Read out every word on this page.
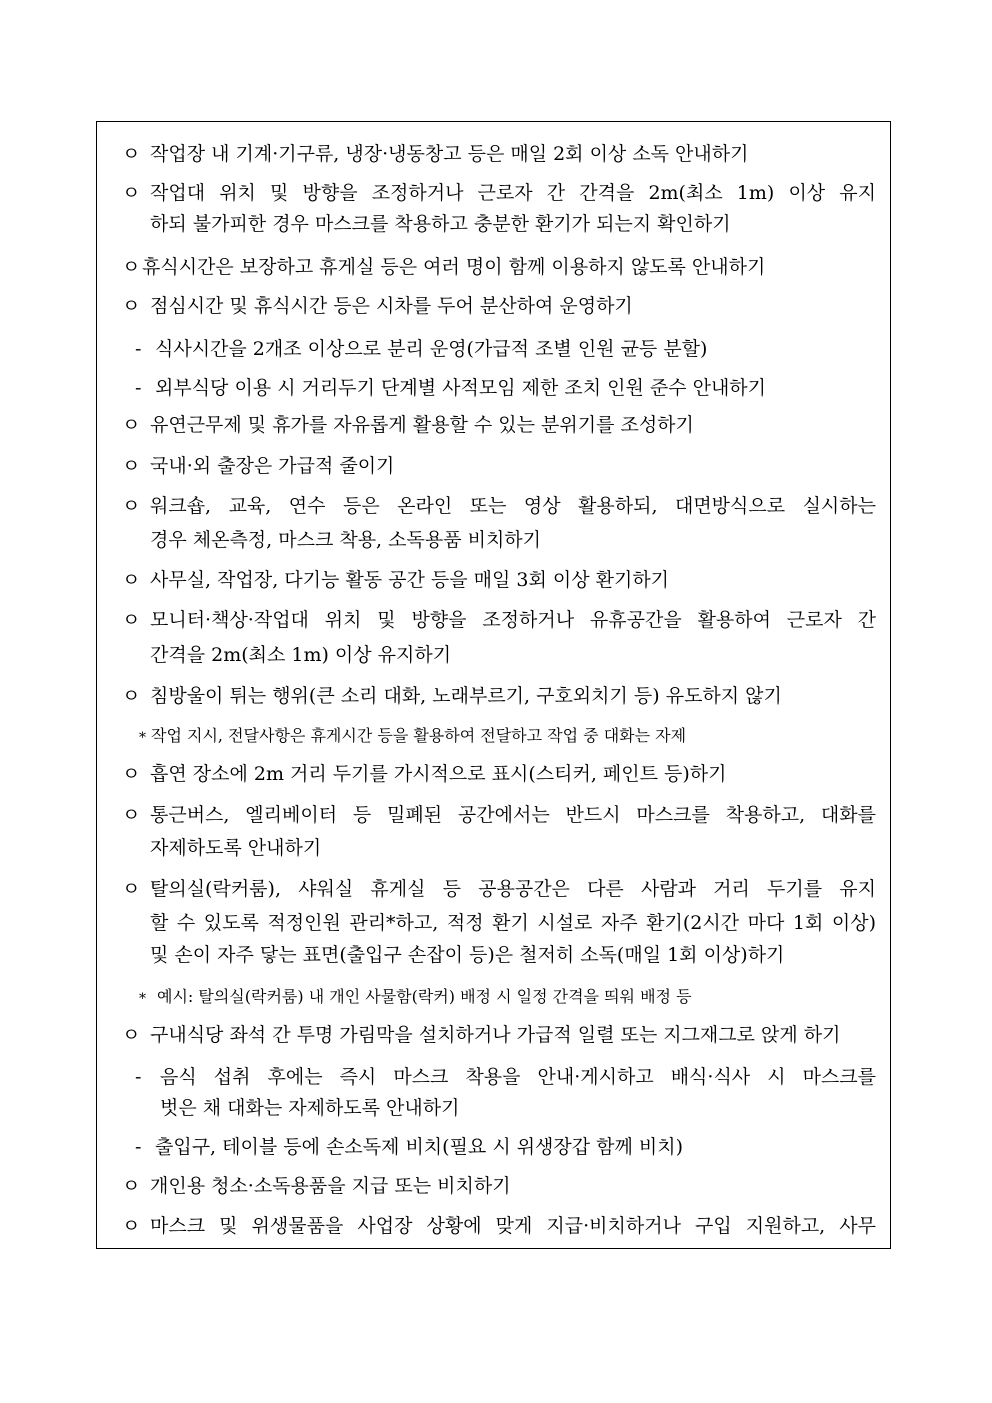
ㅇ 작업장 내 기계·기구류, 냉장·냉동창고 등은 매일 2회 이상 소독 안내하기
ㅇ 작업대 위치 및 방향을 조정하거나 근로자 간 간격을 2m(최소 1m) 이상 유지
하되 불가피한 경우 마스크를 착용하고 충분한 환기가 되는지 확인하기
ㅇ 휴식시간은 보장하고 휴게실 등은 여러 명이 함께 이용하지 않도록 안내하기
ㅇ 점심시간 및 휴식시간 등은 시차를 두어 분산하여 운영하기
- 식사시간을 2개조 이상으로 분리 운영(가급적 조별 인원 균등 분할)
- 외부식당 이용 시 거리두기 단계별 사적모임 제한 조치 인원 준수 안내하기
ㅇ 유연근무제 및 휴가를 자유롭게 활용할 수 있는 분위기를 조성하기
ㅇ 국내·외 출장은 가급적 줄이기
ㅇ 워크숍, 교육, 연수 등은 온라인 또는 영상 활용하되, 대면방식으로 실시하는
경우 체온측정, 마스크 착용, 소독용품 비치하기
ㅇ 사무실, 작업장, 다기능 활동 공간 등을 매일 3회 이상 환기하기
ㅇ 모니터·책상·작업대 위치 및 방향을 조정하거나 유휴공간을 활용하여 근로자 간
간격을 2m(최소 1m) 이상 유지하기
ㅇ 침방울이 튀는 행위(큰 소리 대화, 노래부르기, 구호외치기 등) 유도하지 않기
* 작업 지시, 전달사항은 휴게시간 등을 활용하여 전달하고 작업 중 대화는 자제
ㅇ 흡연 장소에 2m 거리 두기를 가시적으로 표시(스티커, 페인트 등)하기
ㅇ 통근버스, 엘리베이터 등 밀폐된 공간에서는 반드시 마스크를 착용하고, 대화를
자제하도록 안내하기
ㅇ 탈의실(락커룸), 샤워실 휴게실 등 공용공간은 다른 사람과 거리 두기를 유지
할 수 있도록 적정인원 관리*하고, 적정 환기 시설로 자주 환기(2시간 마다 1회 이상)
및 손이 자주 닿는 표면(출입구 손잡이 등)은 철저히 소독(매일 1회 이상)하기
* 예시: 탈의실(락커룸) 내 개인 사물함(락커) 배정 시 일정 간격을 띄워 배정 등
ㅇ 구내식당 좌석 간 투명 가림막을 설치하거나 가급적 일렬 또는 지그재그로 앉게 하기
- 음식 섭취 후에는 즉시 마스크 착용을 안내·게시하고 배식·식사 시 마스크를
벗은 채 대화는 자제하도록 안내하기
- 출입구, 테이블 등에 손소독제 비치(필요 시 위생장갑 함께 비치)
ㅇ 개인용 청소·소독용품을 지급 또는 비치하기
ㅇ 마스크 및 위생물품을 사업장 상황에 맞게 지급·비치하거나 구입 지원하고, 사무
